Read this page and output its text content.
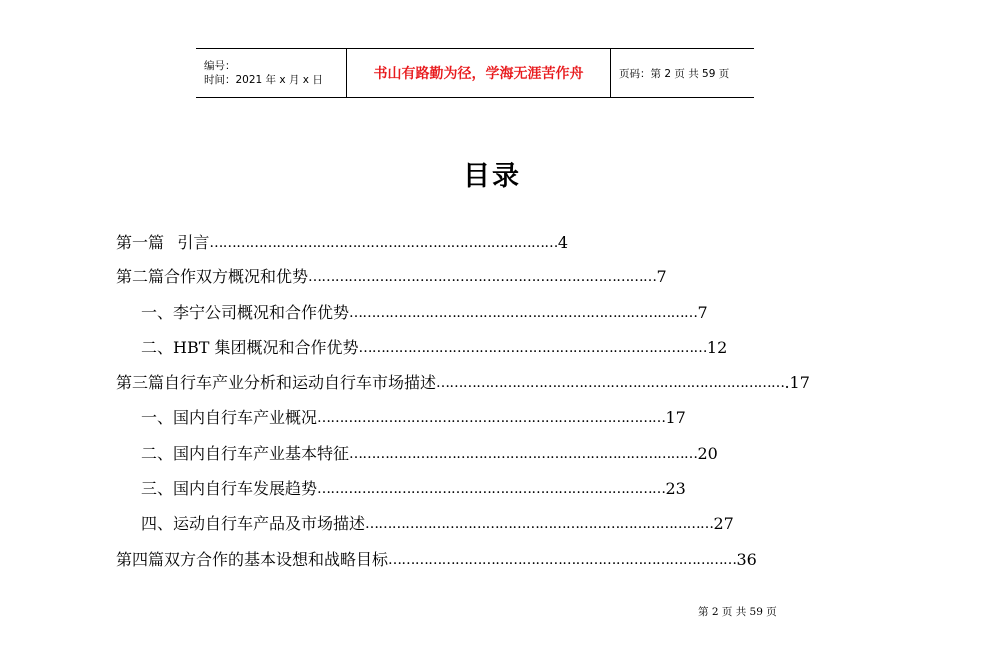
编号：
时间：2021 年 x 月 x 日	书山有路勤为径，学海无涯苦作舟	页码：第 2 页 共 59 页
目录
第一篇 引言 …………………………………………………………………… 4
第二篇 合作双方概况和优势 …………………………………………………………………… 7
一、 李宁公司概况和合作优势 …………………………………………………………………… 7
二、 HBT 集团概况和合作优势 …………………………………………………………………… 12
第三篇 自行车产业分析和运动自行车市场描述 …………………………………………………………………… .17
一、 国内自行车产业概况 …………………………………………………………………… 17
二、 国内自行车产业基本特征 …………………………………………………………………… 20
三、 国内自行车发展趋势 …………………………………………………………………… 23
四、 运动自行车产品及市场描述 …………………………………………………………………… 27
第四篇 双方合作的基本设想和战略目标 …………………………………………………………………… 36
第 2 页 共 59 页
